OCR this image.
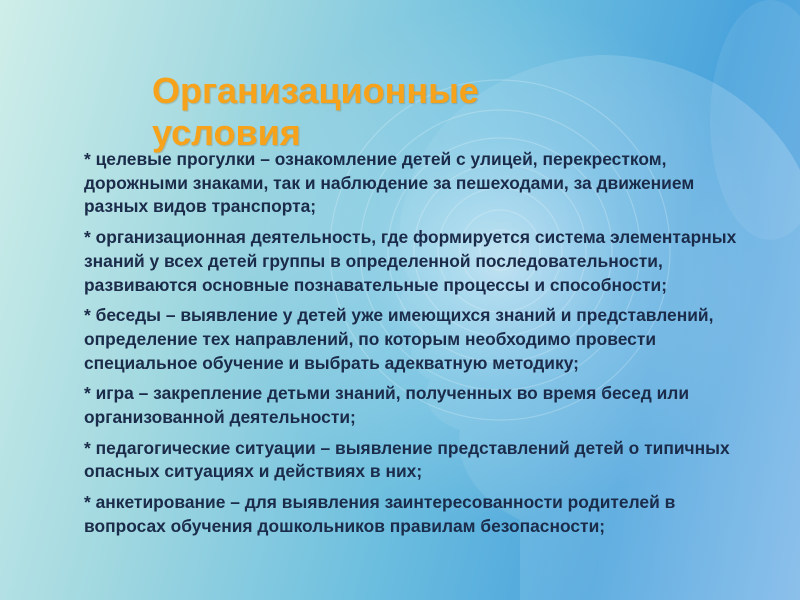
Организационные условия

* целевые прогулки – ознакомление детей с улицей, перекрестком, дорожными знаками, так и наблюдение за пешеходами, за движением разных видов транспорта;

* организационная деятельность, где формируется система элементарных знаний у всех детей группы в определенной последовательности, развиваются основные познавательные процессы и способности;

* беседы – выявление у детей уже имеющихся знаний и представлений, определение тех направлений, по которым необходимо провести специальное обучение и выбрать адекватную методику;

* игра – закрепление детьми знаний, полученных во время бесед или организованной деятельности;

* педагогические ситуации – выявление представлений детей о типичных опасных ситуациях и действиях в них;

* анкетирование – для выявления заинтересованности родителей в вопросах обучения дошкольников правилам безопасности;
